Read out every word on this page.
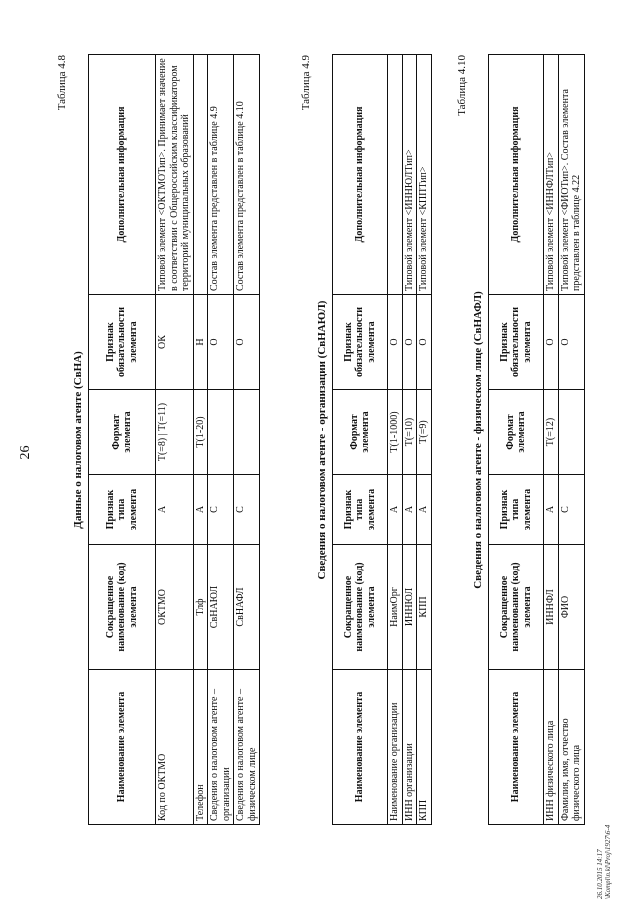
26
Таблица 4.8
Данные о налоговом агенте (СвНА)
Наименование элемента	Сокращенное наименование (код) элемента	Признак типа элемента	Формат элемента	Признак обязательности элемента	Дополнительная информация
Код по ОКТМО	ОКТМО	А	T(=8) | T(=11)	ОК	Типовой элемент <ОКТМОТип>. Принимает значение в соответствии с Общероссийским классификатором территорий муниципальных образований
Телефон	Тлф	А	T(1-20)	Н	
Сведения о налоговом агенте – организации	СвНАЮЛ	С		О	Состав элемента представлен в таблице 4.9
Сведения о налоговом агенте – физическом лице	СвНАФЛ	С		О	Состав элемента представлен в таблице 4.10
Таблица 4.9
Сведения о налоговом агенте - организации (СвНАЮЛ)
Наименование элемента	Сокращенное наименование (код) элемента	Признак типа элемента	Формат элемента	Признак обязательности элемента	Дополнительная информация
Наименование организации	НаимОрг	А	T(1-1000)	О	
ИНН организации	ИННЮЛ	А	T(=10)	О	Типовой элемент <ИННЮЛТип>
КПП	КПП	А	T(=9)	О	Типовой элемент <КППТип>
Таблица 4.10
Сведения о налоговом агенте - физическом лице (СвНАФЛ)
Наименование элемента	Сокращенное наименование (код) элемента	Признак типа элемента	Формат элемента	Признак обязательности элемента	Дополнительная информация
ИНН физического лица	ИННФЛ	А	T(=12)	О	Типовой элемент <ИННФЛТип>
Фамилия, имя, отчество физического лица	ФИО	С		О	Типовой элемент <ФИОТип>. Состав элемента представлен в таблице 4.22
26.10.2015 14:17 \Kompl\n.kl\Proj\1927\6-4
